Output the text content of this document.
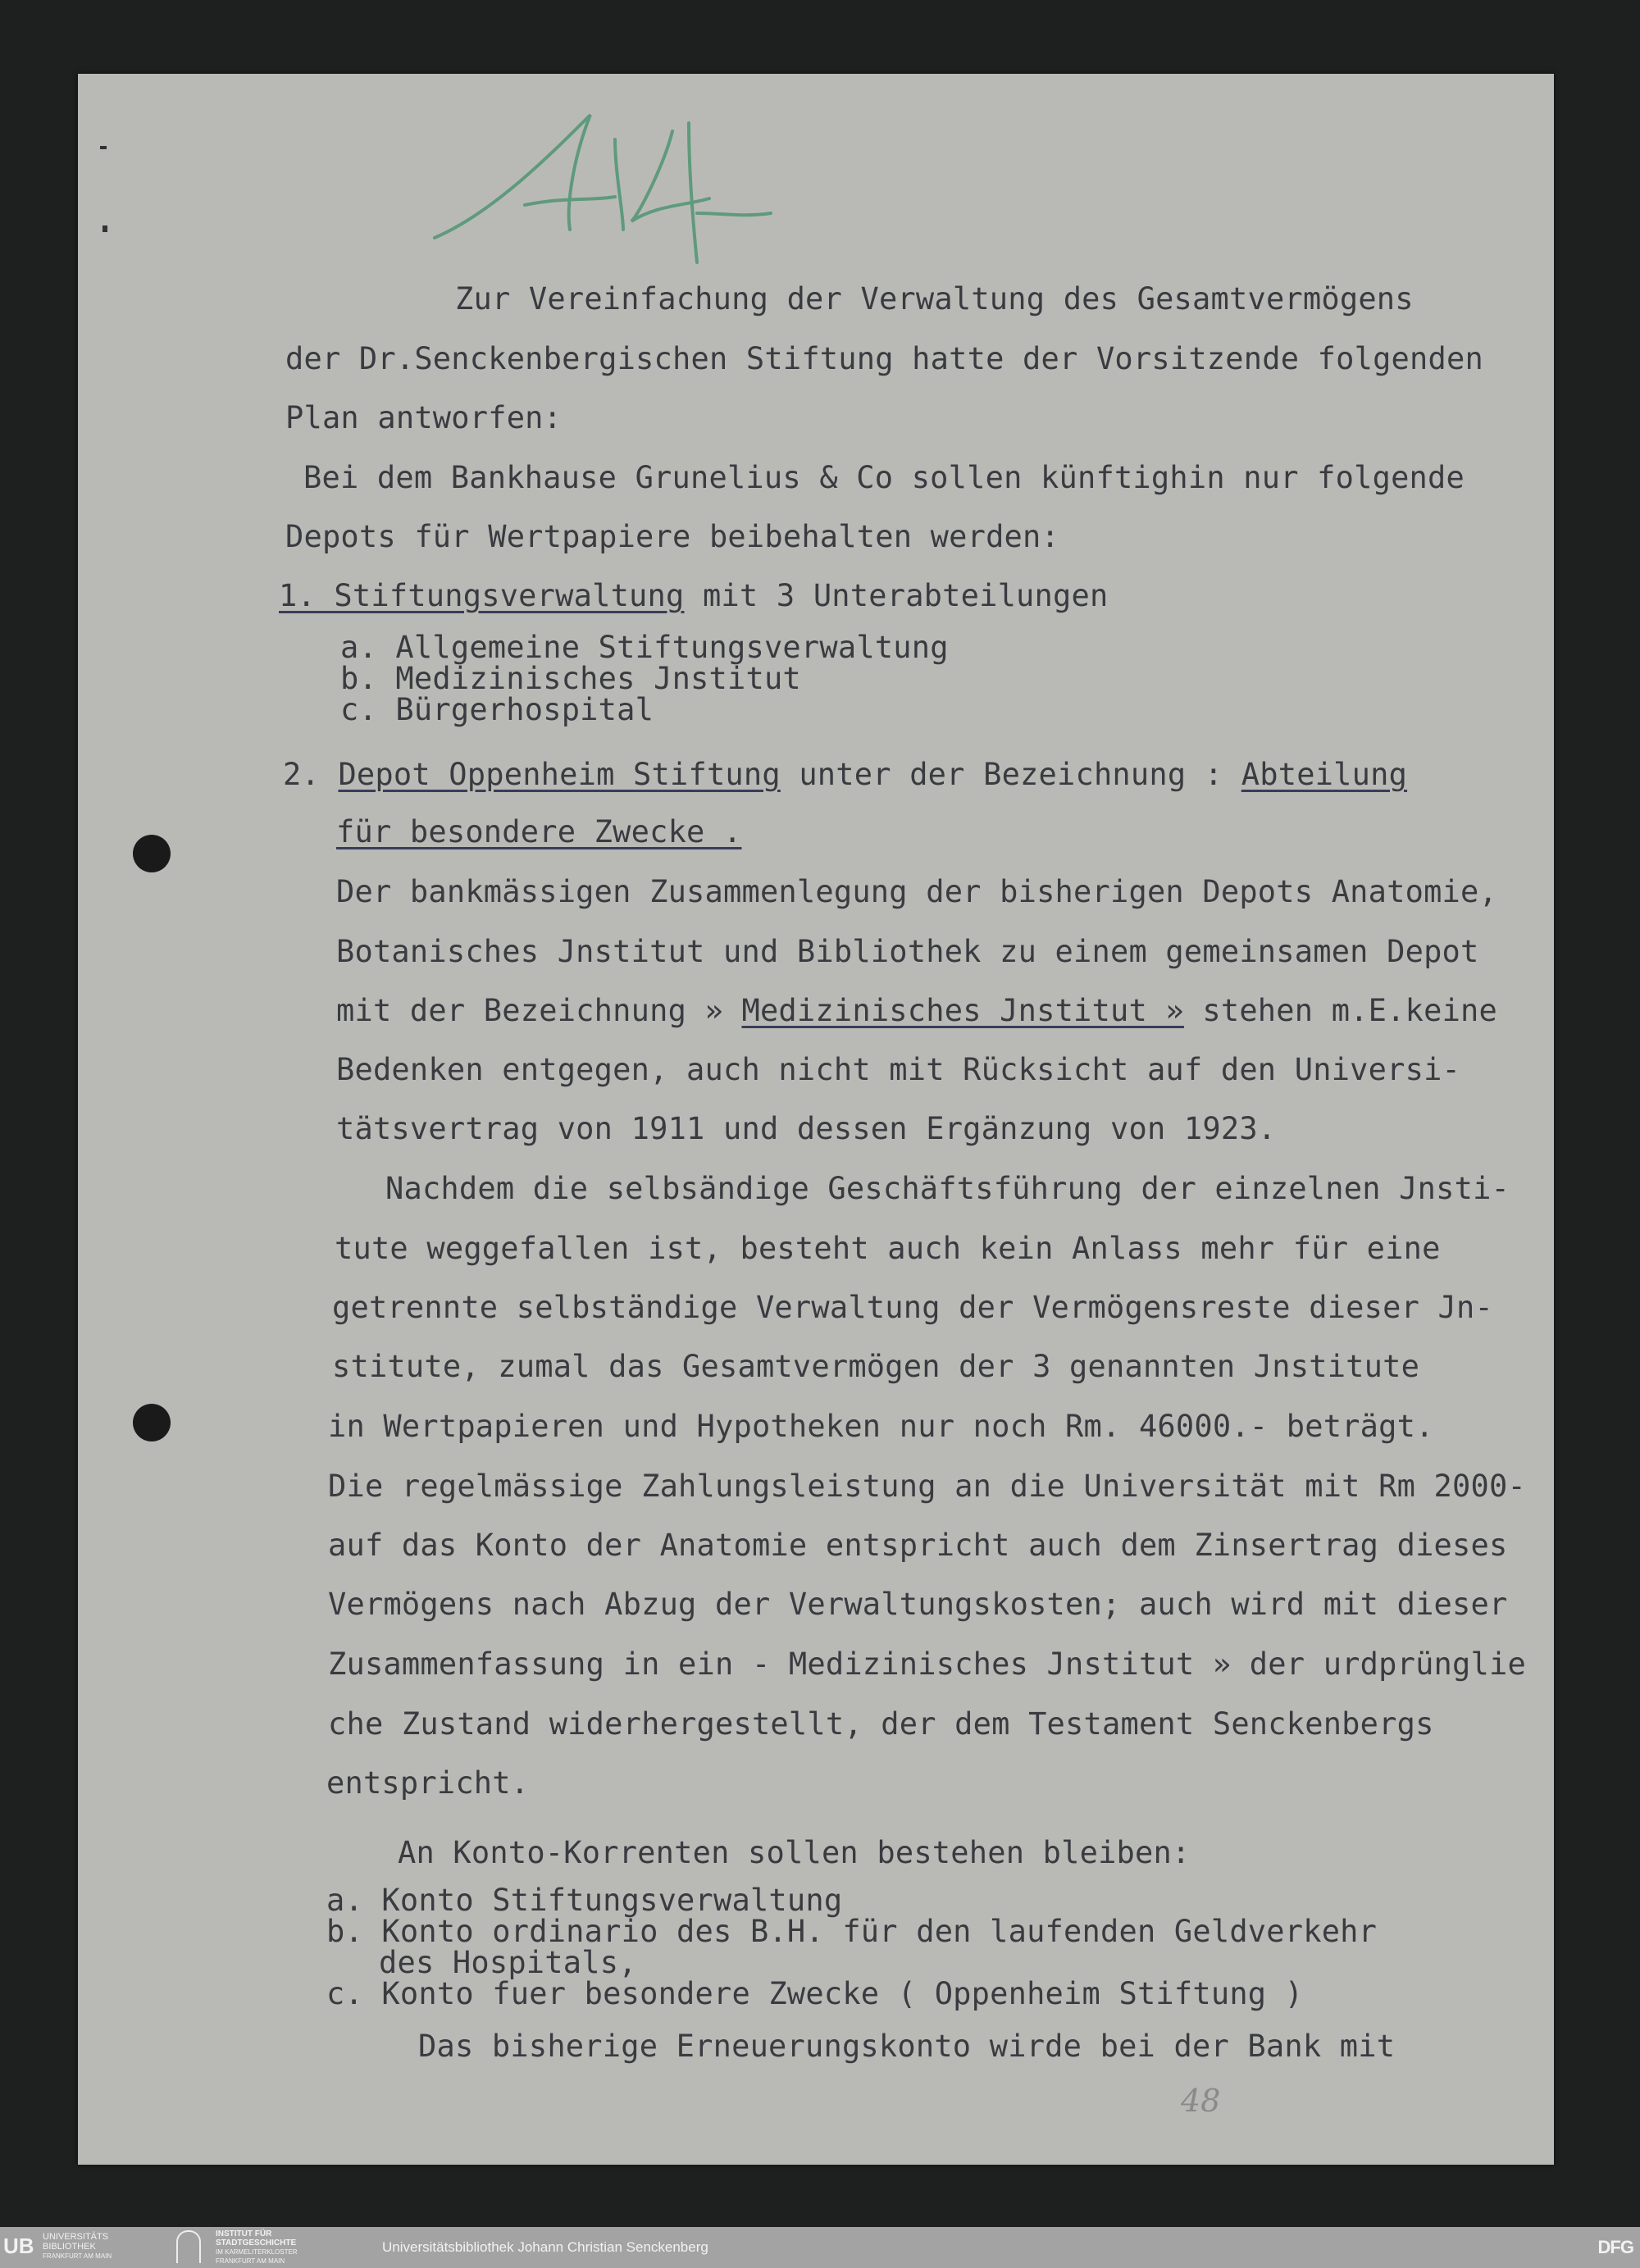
Zur Vereinfachung der Verwaltung des Gesamtvermögens
der Dr.Senckenbergischen Stiftung hatte der Vorsitzende folgenden
Plan antworfen:
Bei dem Bankhause Grunelius & Co sollen künftighin nur folgende
Depots für Wertpapiere beibehalten werden:
1. Stiftungsverwaltung mit 3 Unterabteilungen
a. Allgemeine Stiftungsverwaltung
b. Medizinisches Jnstitut
c. Bürgerhospital
2. Depot Oppenheim Stiftung unter der Bezeichnung : Abteilung
für besondere Zwecke .
Der bankmässigen Zusammenlegung der bisherigen Depots Anatomie,
Botanisches Jnstitut und Bibliothek zu einem gemeinsamen Depot
mit der Bezeichnung » Medizinisches Jnstitut » stehen m.E.keine
Bedenken entgegen, auch nicht mit Rücksicht auf den Universi-
tätsvertrag von 1911 und dessen Ergänzung von 1923.
Nachdem die selbsändige Geschäftsführung der einzelnen Jnsti-
tute weggefallen ist, besteht auch kein Anlass mehr für eine
getrennte selbständige Verwaltung der Vermögensreste dieser Jn-
stitute, zumal das Gesamtvermögen der 3 genannten Jnstitute
in Wertpapieren und Hypotheken nur noch Rm. 46000.- beträgt.
Die regelmässige Zahlungsleistung an die Universität mit Rm 2000-
auf das Konto der Anatomie entspricht auch dem Zinsertrag dieses
Vermögens nach Abzug der Verwaltungskosten; auch wird mit dieser
Zusammenfassung in ein - Medizinisches Jnstitut » der urdprünglie
che Zustand widerhergestellt, der dem Testament Senckenbergs
entspricht.
An Konto-Korrenten sollen bestehen bleiben:
a. Konto Stiftungsverwaltung
b. Konto ordinario des B.H. für den laufenden Geldverkehr
des Hospitals,
c. Konto fuer besondere Zwecke ( Oppenheim Stiftung )
Das bisherige Erneuerungskonto wirde bei der Bank mit
48
UB UNIVERSITÄTS
BIBLIOTHEK
FRANKFURT AM MAIN
INSTITUT FÜR
STADTGESCHICHTE
IM KARMELITERKLOSTER
FRANKFURT AM MAIN
Universitätsbibliothek Johann Christian Senckenberg	DFG
